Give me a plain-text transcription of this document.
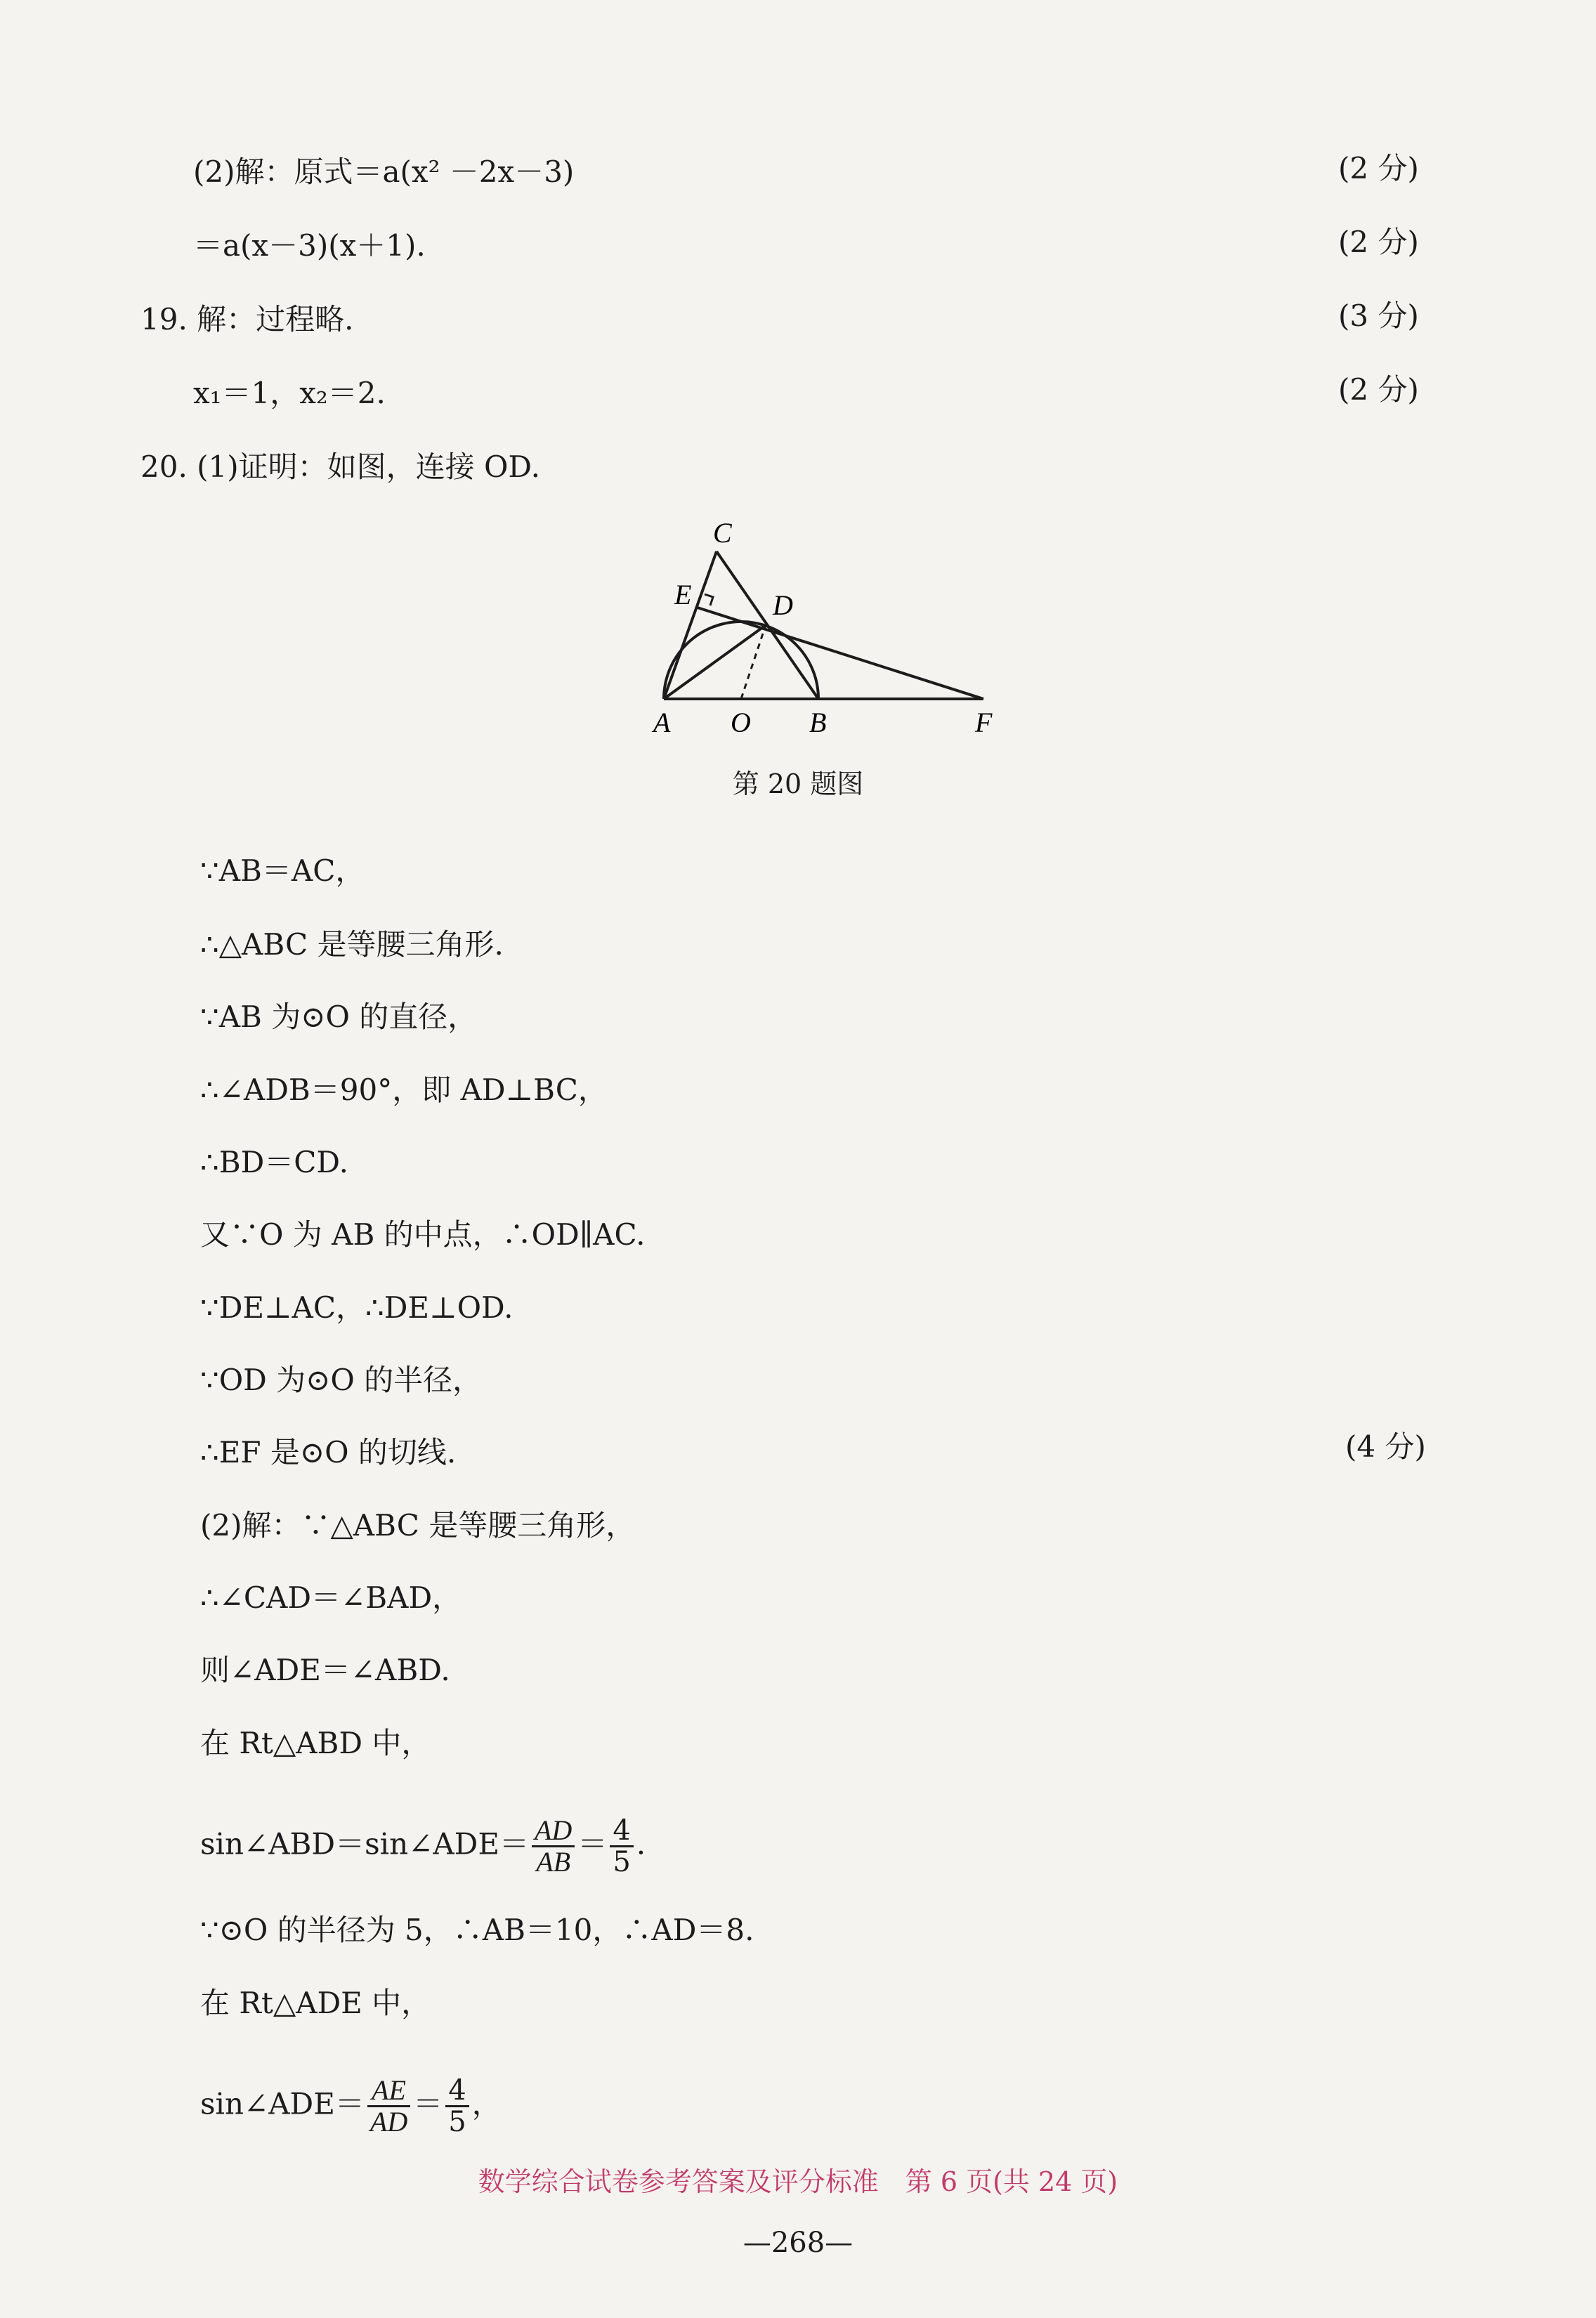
(2)解：原式＝a(x² －2x－3)	(2 分)
＝a(x－3)(x＋1).	(2 分)
19. 解：过程略.	(3 分)
x₁＝1，x₂＝2.	(2 分)
20. (1)证明：如图，连接 OD.
C
E	D
A O B	F
第 20 题图
∵AB＝AC，
∴△ABC 是等腰三角形.
∵AB 为⊙O 的直径，
∴∠ADB＝90°，即 AD⊥BC，
∴BD＝CD.
又∵O 为 AB 的中点，∴OD∥AC.
∵DE⊥AC，∴DE⊥OD.
∵OD 为⊙O 的半径，
∴EF 是⊙O 的切线.	(4 分)
(2)解：∵△ABC 是等腰三角形，
∴∠CAD＝∠BAD，
则∠ADE＝∠ABD.
在 Rt△ABD 中，
sin∠ABD＝sin∠ADE＝ $\frac{AD}{AB} = \frac{4}{5}$ .
∵⊙O 的半径为 5，∴AB＝10，∴AD＝8.
在 Rt△ADE 中，
sin∠ADE＝ $\frac{AE}{AD} = \frac{4}{5}$ ，
数学综合试卷参考答案及评分标准　第 6 页(共 24 页)
—268—
